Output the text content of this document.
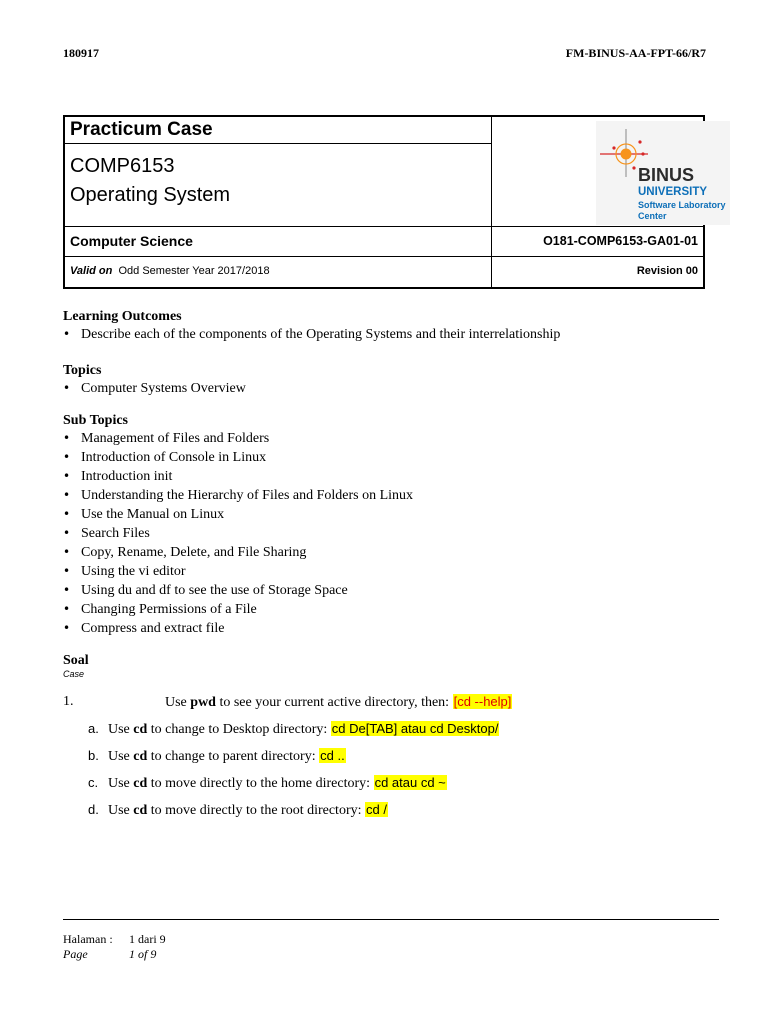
180917	FM-BINUS-AA-FPT-66/R7
Practicum Case
COMP6153
Operating System
BINUS
UNIVERSITY
Software Laboratory
Center
Computer Science	O181-COMP6153-GA01-01
Valid on Odd Semester Year 2017/2018	Revision 00
Learning Outcomes
• Describe each of the components of the Operating Systems and their interrelationship
Topics
• Computer Systems Overview
Sub Topics
• Management of Files and Folders
• Introduction of Console in Linux
• Introduction init
• Understanding the Hierarchy of Files and Folders on Linux
• Use the Manual on Linux
• Search Files
• Copy, Rename, Delete, and File Sharing
• Using the vi editor
• Using du and df to see the use of Storage Space
• Changing Permissions of a File
• Compress and extract file
Soal
Case
1.	Use pwd to see your current active directory, then: [cd --help]
a. Use cd to change to Desktop directory: cd De[TAB] atau cd Desktop/
b. Use cd to change to parent directory: cd ..
c. Use cd to move directly to the home directory: cd atau cd ~
d. Use cd to move directly to the root directory: cd /
Halaman : 1 dari 9
Page	1 of 9
